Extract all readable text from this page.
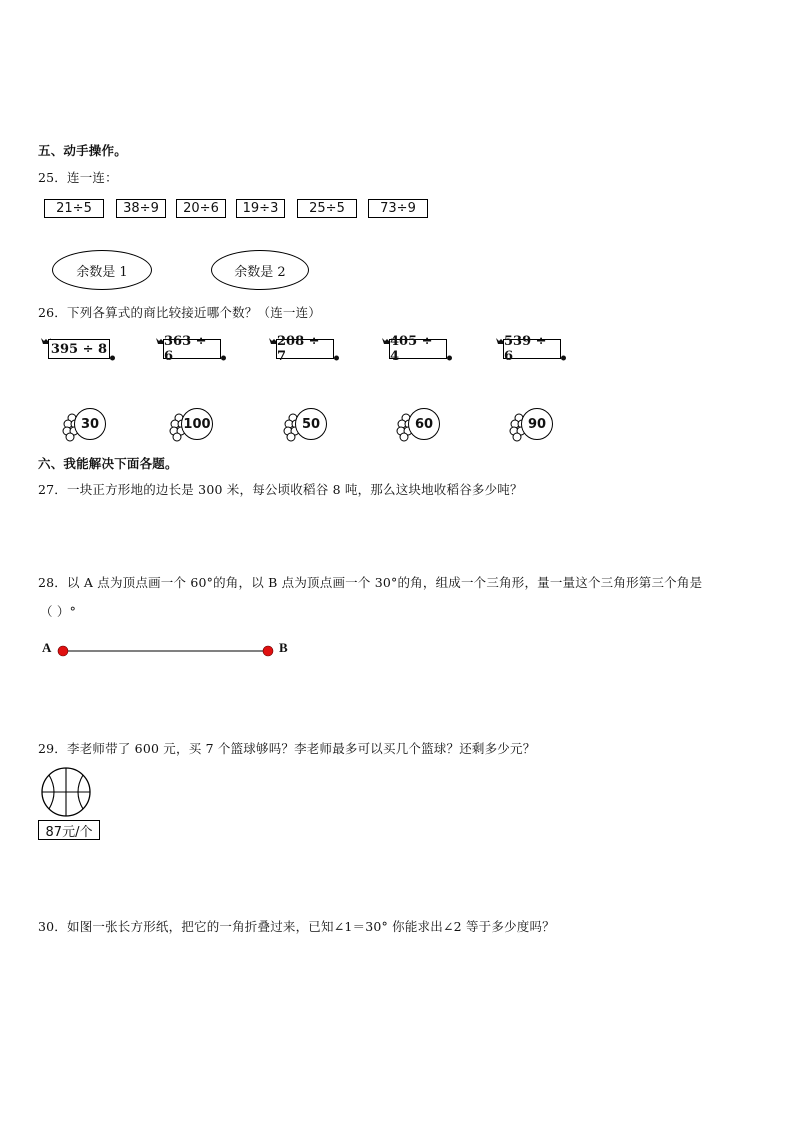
五、动手操作。
25．连一连：
21÷5	38÷9	20÷6	19÷3	25÷5	73÷9
余数是 1	余数是 2
26．下列各算式的商比较接近哪个数？（连一连）
395 ÷ 8	363 ÷ 6
208 ÷ 7
405 ÷ 4
539 ÷ 6
30	100	50	60	90
六、我能解决下面各题。
27．一块正方形地的边长是 300 米，每公顷收稻谷 8 吨，那么这块地收稻谷多少吨？
28．以 A 点为顶点画一个 60°的角，以 B 点为顶点画一个 30°的角，组成一个三角形，量一量这个三角形第三个角是
（ ）°
A	B
29．李老师带了 600 元，买 7 个篮球够吗？李老师最多可以买几个篮球？还剩多少元？
87元/个
30．如图一张长方形纸，把它的一角折叠过来，已知∠1＝30° 你能求出∠2 等于多少度吗？
